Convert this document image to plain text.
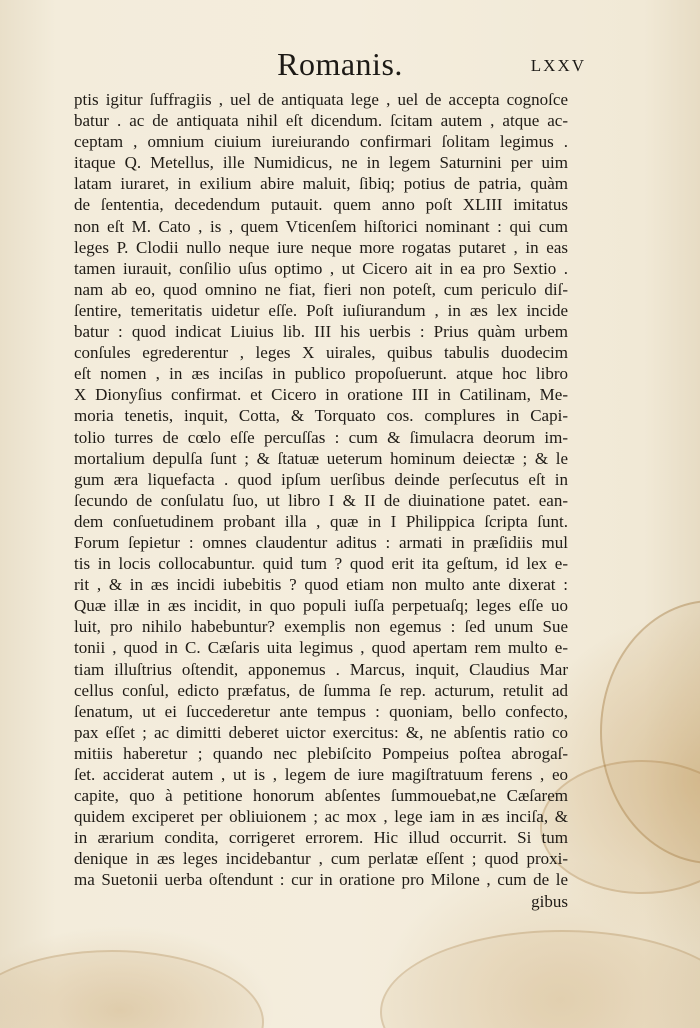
Romanis.	LXXV
ptis igitur ſuffragiis , uel de antiquata lege , uel de accepta cognoſce
batur . ac de antiquata nihil eſt dicendum. ſcitam autem , atque ac-
ceptam , omnium ciuium iureiurando confirmari ſolitam legimus .
itaque Q. Metellus, ille Numidicus, ne in legem Saturnini per uim
latam iuraret, in exilium abire maluit, ſibiq; potius de patria, quàm
de ſententia, decedendum putauit. quem anno poſt XLIII imitatus
non eſt M. Cato , is , quem Vticenſem hiſtorici nominant : qui cum
leges P. Clodii nullo neque iure neque more rogatas putaret , in eas
tamen iurauit, conſilio uſus optimo , ut Cicero ait in ea pro Sextio .
nam ab eo, quod omnino ne fiat, fieri non poteſt, cum periculo diſ-
ſentire, temeritatis uidetur eſſe. Poſt iuſiurandum , in æs lex incide
batur : quod indicat Liuius lib. III his uerbis : Prius quàm urbem
conſules egrederentur , leges X uirales, quibus tabulis duodecim
eſt nomen , in æs inciſas in publico propoſuerunt. atque hoc libro
X Dionyſius confirmat. et Cicero in oratione III in Catilinam, Me-
moria tenetis, inquit, Cotta, & Torquato cos. complures in Capi-
tolio turres de cœlo eſſe percuſſas : cum & ſimulacra deorum im-
mortalium depulſa ſunt ; & ſtatuæ ueterum hominum deiectæ ; & le
gum æra liquefacta . quod ipſum uerſibus deinde perſecutus eſt in
ſecundo de conſulatu ſuo, ut libro I & II de diuinatione patet. ean-
dem conſuetudinem probant illa , quæ in I Philippica ſcripta ſunt.
Forum ſepietur : omnes claudentur aditus : armati in præſidiis mul
tis in locis collocabuntur. quid tum ? quod erit ita geſtum, id lex e-
rit , & in æs incidi iubebitis ? quod etiam non multo ante dixerat :
Quæ illæ in æs incidit, in quo populi iuſſa perpetuaſq; leges eſſe uo
luit, pro nihilo habebuntur? exemplis non egemus : ſed unum Sue
tonii , quod in C. Cæſaris uita legimus , quod apertam rem multo e-
tiam illuſtrius oſtendit, apponemus . Marcus, inquit, Claudius Mar
cellus conſul, edicto præfatus, de ſumma ſe rep. acturum, retulit ad
ſenatum, ut ei ſuccederetur ante tempus : quoniam, bello confecto,
pax eſſet ; ac dimitti deberet uictor exercitus: &, ne abſentis ratio co
mitiis haberetur ; quando nec plebiſcito Pompeius poſtea abrogaſ-
ſet. acciderat autem , ut is , legem de iure magiſtratuum ferens , eo
capite, quo à petitione honorum abſentes ſummouebat,ne Cæſarem
quidem exciperet per obliuionem ; ac mox , lege iam in æs inciſa, &
in ærarium condita, corrigeret errorem. Hic illud occurrit. Si tum
denique in æs leges incidebantur , cum perlatæ eſſent ; quod proxi-
ma Suetonii uerba oſtendunt : cur in oratione pro Milone , cum de le
gibus
